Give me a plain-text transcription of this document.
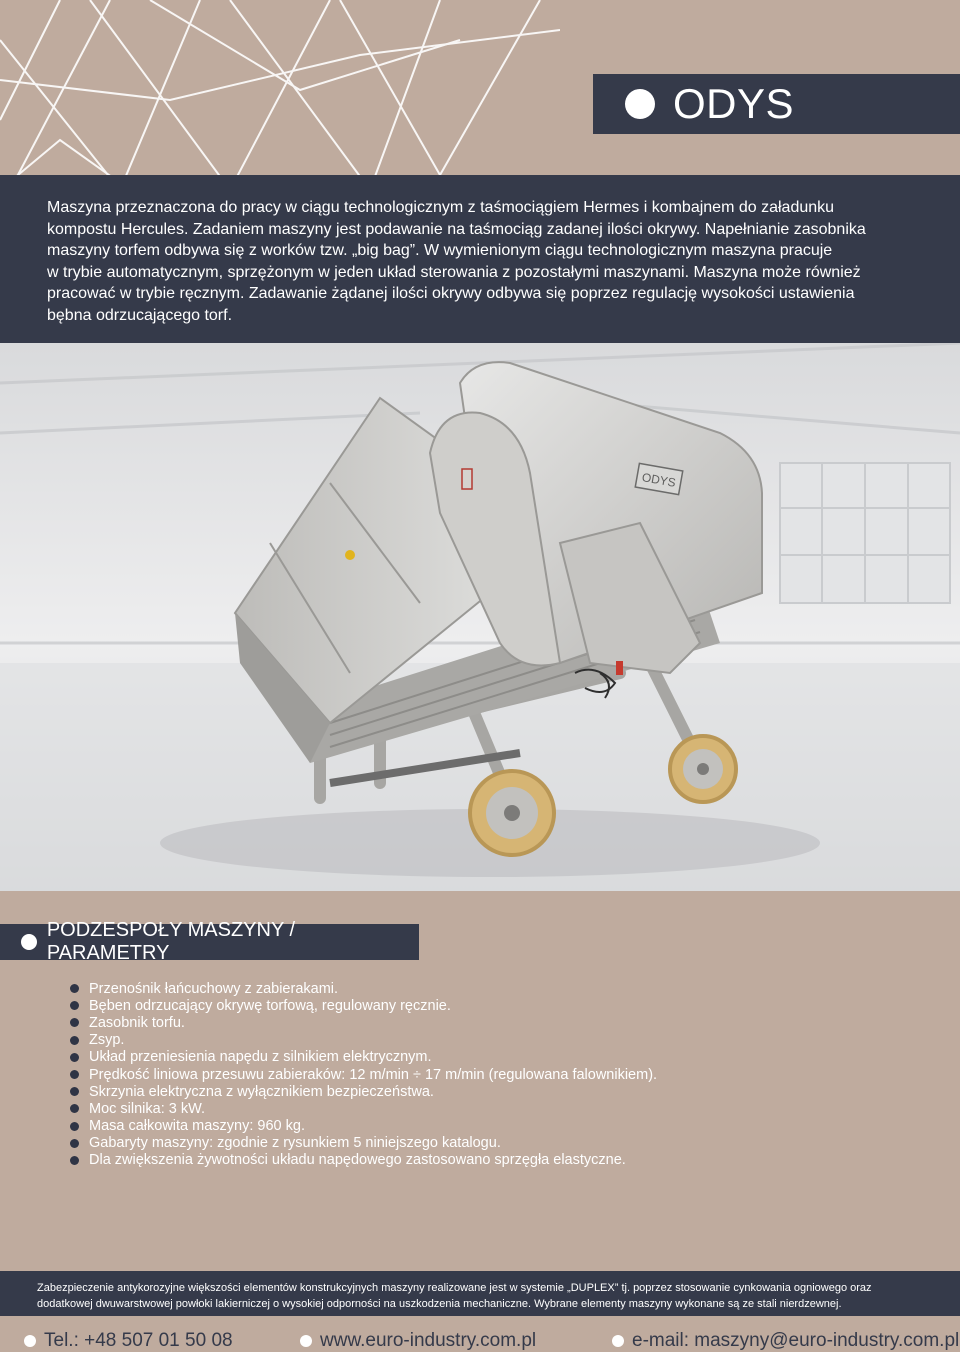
ODYS
Maszyna przeznaczona do pracy w ciągu technologicznym z taśmociągiem Hermes i kombajnem do załadunku
kompostu Hercules. Zadaniem maszyny jest podawanie na taśmociąg zadanej ilości okrywy. Napełnianie zasobnika
maszyny torfem odbywa się z worków tzw. „big bag”. W wymienionym ciągu technologicznym maszyna pracuje
w trybie automatycznym, sprzężonym w jeden układ sterowania z pozostałymi maszynami. Maszyna może również
pracować w trybie ręcznym. Zadawanie żądanej ilości okrywy odbywa się poprzez regulację wysokości ustawienia
bębna odrzucającego torf.
ODYS
PODZESPOŁY MASZYNY / PARAMETRY
Przenośnik łańcuchowy z zabierakami.
Bęben odrzucający okrywę torfową, regulowany ręcznie.
Zasobnik torfu.
Zsyp.
Układ przeniesienia napędu z silnikiem elektrycznym.
Prędkość liniowa przesuwu zabieraków: 12 m/min ÷ 17 m/min (regulowana falownikiem).
Skrzynia elektryczna z wyłącznikiem bezpieczeństwa.
Moc silnika: 3 kW.
Masa całkowita maszyny: 960 kg.
Gabaryty maszyny: zgodnie z rysunkiem 5 niniejszego katalogu.
Dla zwiększenia żywotności układu napędowego zastosowano sprzęgła elastyczne.
Zabezpieczenie antykorozyjne większości elementów konstrukcyjnych maszyny realizowane jest w systemie „DUPLEX” tj. poprzez stosowanie cynkowania ogniowego oraz
dodatkowej dwuwarstwowej powłoki lakierniczej o wysokiej odporności na uszkodzenia mechaniczne. Wybrane elementy maszyny wykonane są ze stali nierdzewnej.
Tel.: +48 507 01 50 08	www.euro-industry.com.pl	e-mail: maszyny@euro-industry.com.pl
